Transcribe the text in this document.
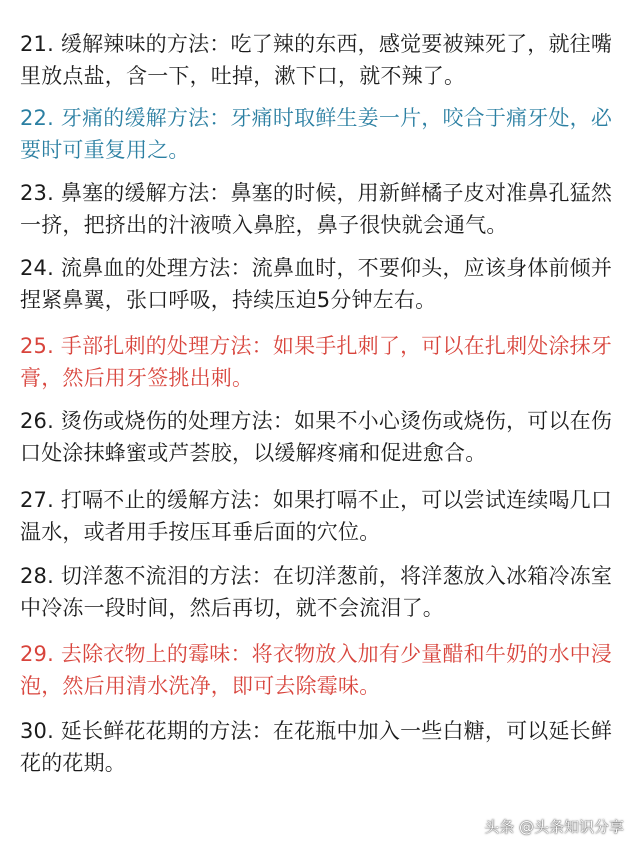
21. 缓解辣味的方法：吃了辣的东西，感觉要被辣死了，就往嘴里放点盐，含一下，吐掉，漱下口，就不辣了。

22. 牙痛的缓解方法：牙痛时取鲜生姜一片，咬合于痛牙处，必要时可重复用之。

23. 鼻塞的缓解方法：鼻塞的时候，用新鲜橘子皮对准鼻孔猛然一挤，把挤出的汁液喷入鼻腔，鼻子很快就会通气。

24. 流鼻血的处理方法：流鼻血时，不要仰头，应该身体前倾并捏紧鼻翼，张口呼吸，持续压迫5分钟左右。

25. 手部扎刺的处理方法：如果手扎刺了，可以在扎刺处涂抹牙膏，然后用牙签挑出刺。

26. 烫伤或烧伤的处理方法：如果不小心烫伤或烧伤，可以在伤口处涂抹蜂蜜或芦荟胶，以缓解疼痛和促进愈合。

27. 打嗝不止的缓解方法：如果打嗝不止，可以尝试连续喝几口温水，或者用手按压耳垂后面的穴位。

28. 切洋葱不流泪的方法：在切洋葱前，将洋葱放入冰箱冷冻室中冷冻一段时间，然后再切，就不会流泪了。

29. 去除衣物上的霉味：将衣物放入加有少量醋和牛奶的水中浸泡，然后用清水洗净，即可去除霉味。

30. 延长鲜花花期的方法：在花瓶中加入一些白糖，可以延长鲜花的花期。

头条 @头条知识分享
